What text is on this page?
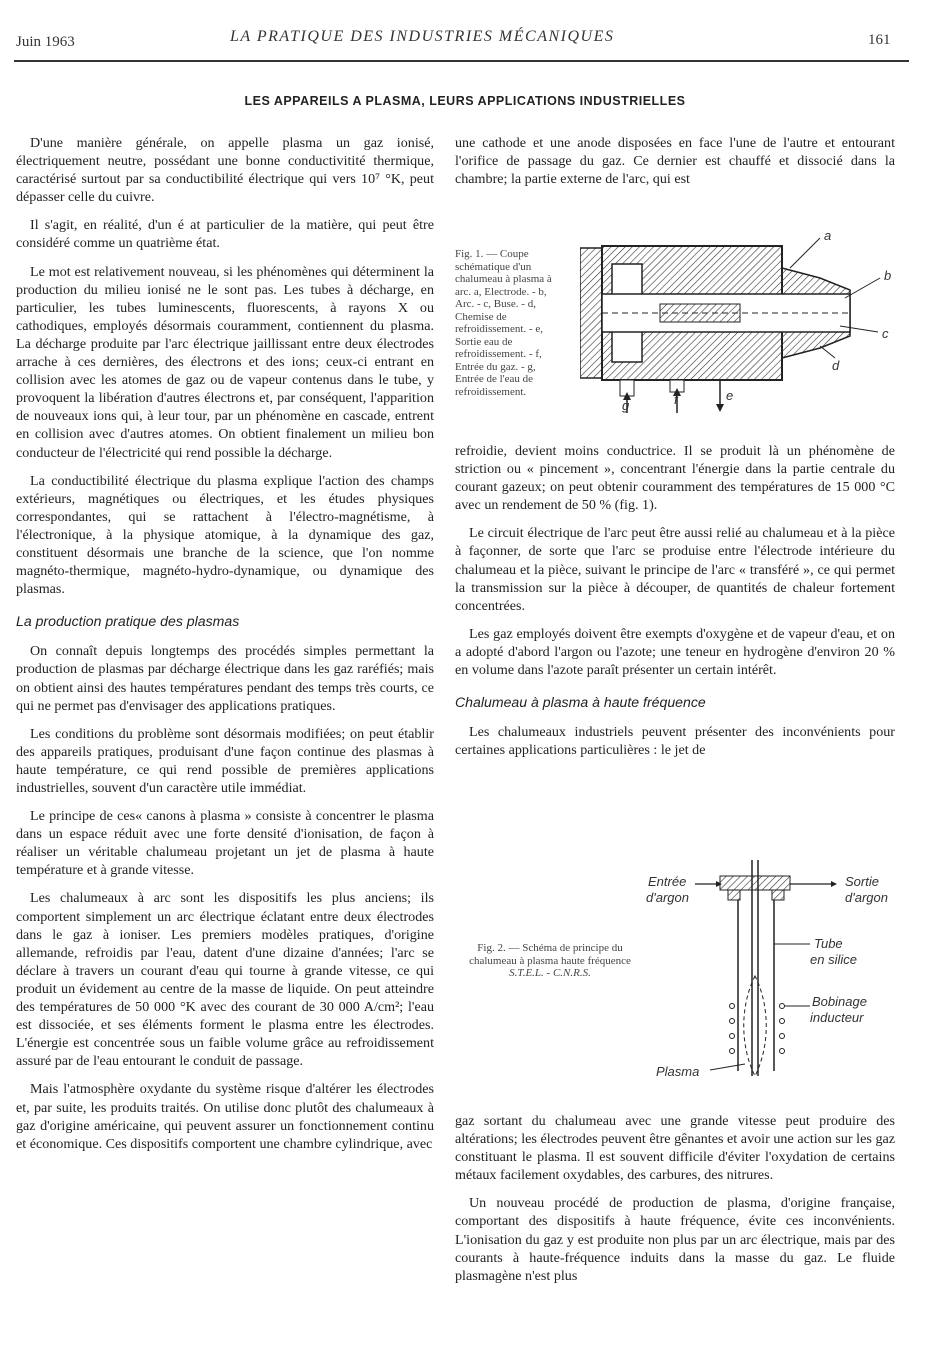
Juin 1963	LA PRATIQUE DES INDUSTRIES MÉCANIQUES	161
LES APPAREILS A PLASMA, LEURS APPLICATIONS INDUSTRIELLES

D'une manière générale, on appelle plasma un gaz ionisé, électriquement neutre, possédant une bonne conductivitité thermique, caractérisé surtout par sa conductibilité électrique qui vers 10⁷ °K, peut dépasser celle du cuivre.

Il s'agit, en réalité, d'un é at particulier de la matière, qui peut être considéré comme un quatrième état.

Le mot est relativement nouveau, si les phénomènes qui déterminent la production du milieu ionisé ne le sont pas. Les tubes à décharge, en particulier, les tubes luminescents, fluorescents, à rayons X ou cathodiques, employés désormais couramment, contiennent du plasma. La décharge produite par l'arc électrique jaillissant entre deux électrodes arrache à ces dernières, des électrons et des ions; ceux-ci entrant en collision avec les atomes de gaz ou de vapeur contenus dans le tube, y provoquent la libération d'autres électrons et, par conséquent, l'apparition de nouveaux ions qui, à leur tour, par un phénomène en cascade, entrent en collision avec d'autres atomes. On obtient finalement un milieu bon conducteur de l'électricité qui rend possible la décharge.

La conductibilité électrique du plasma explique l'action des champs extérieurs, magnétiques ou électriques, et les études physiques correspondantes, qui se rattachent à l'électro-magnétisme, à l'électronique, à la physique atomique, à la dynamique des gaz, constituent désormais une branche de la science, que l'on nomme magnéto-thermique, magnéto-hydro-dynamique, ou dynamique des plasmas.

La production pratique des plasmas

On connaît depuis longtemps des procédés simples permettant la production de plasmas par décharge électrique dans les gaz raréfiés; mais on obtient ainsi des hautes températures pendant des temps très courts, ce qui ne permet pas d'envisager des applications pratiques.

Les conditions du problème sont désormais modifiées; on peut établir des appareils pratiques, produisant d'une façon continue des plasmas à haute température, ce qui rend possible de premières applications industrielles, souvent d'un caractère utile immédiat.

Le principe de ces« canons à plasma » consiste à concentrer le plasma dans un espace réduit avec une forte densité d'ionisation, de façon à réaliser un véritable chalumeau projetant un jet de plasma à haute température et à grande vitesse.

Les chalumeaux à arc sont les dispositifs les plus anciens; ils comportent simplement un arc électrique éclatant entre deux électrodes dans le gaz à ioniser. Les premiers modèles pratiques, d'origine allemande, refroidis par l'eau, datent d'une dizaine d'années; l'arc se déclare à travers un courant d'eau qui tourne à grande vitesse, ce qui produit un évidement au centre de la masse de liquide. On peut atteindre des températures de 50 000 °K avec des courant de 30 000 A/cm²; l'eau est dissociée, et ses éléments forment le plasma entre les électrodes. L'énergie est concentrée sous un faible volume grâce au refroidissement assuré par de l'eau entourant le conduit de passage.

Mais l'atmosphère oxydante du système risque d'altérer les électrodes et, par suite, les produits traités. On utilise donc plutôt des chalumeaux à gaz d'origine américaine, qui peuvent assurer un fonctionnement continu et économique. Ces dispositifs comportent une chambre cylindrique, avec

une cathode et une anode disposées en face l'une de l'autre et entourant l'orifice de passage du gaz. Ce dernier est chauffé et dissocié dans la chambre; la partie externe de l'arc, qui est

Fig. 1. — Coupe schématique d'un chalumeau à plasma à arc. a, Electrode. - b, Arc. - c, Buse. - d, Chemise de refroidissement. - e, Sortie eau de refroidissement. - f, Entrée du gaz. - g, Entrée de l'eau de refroidissement.
a
b
c
d
e
f
g

refroidie, devient moins conductrice. Il se produit là un phénomène de striction ou « pincement », concentrant l'énergie dans la partie centrale du courant gazeux; on peut obtenir couramment des températures de 15 000 °C avec un rendement de 50 % (fig. 1).

Le circuit électrique de l'arc peut être aussi relié au chalumeau et à la pièce à façonner, de sorte que l'arc se produise entre l'électrode intérieure du chalumeau et la pièce, suivant le principe de l'arc « transféré », ce qui permet la transmission sur la pièce à découper, de quantités de chaleur fortement concentrées.

Les gaz employés doivent être exempts d'oxygène et de vapeur d'eau, et on a adopté d'abord l'argon ou l'azote; une teneur en hydrogène d'environ 20 % en volume dans l'azote paraît présenter un certain intérêt.

Chalumeau à plasma à haute fréquence

Les chalumeaux industriels peuvent présenter des inconvénients pour certaines applications particulières : le jet de

Fig. 2. — Schéma de principe du chalumeau à plasma haute fréquence
S.T.E.L. - C.N.R.S.
Entrée
d'argon
Sortie
d'argon
Tube
en silice
Bobinage
inducteur
Plasma

gaz sortant du chalumeau avec une grande vitesse peut produire des altérations; les électrodes peuvent être gênantes et avoir une action sur les gaz constituant le plasma. Il est souvent difficile d'éviter l'oxydation de certains métaux facilement oxydables, des carbures, des nitrures.

Un nouveau procédé de production de plasma, d'origine française, comportant des dispositifs à haute fréquence, évite ces inconvénients. L'ionisation du gaz y est produite non plus par un arc électrique, mais par des courants à haute-fréquence induits dans la masse du gaz. Le fluide plasmagène n'est plus
